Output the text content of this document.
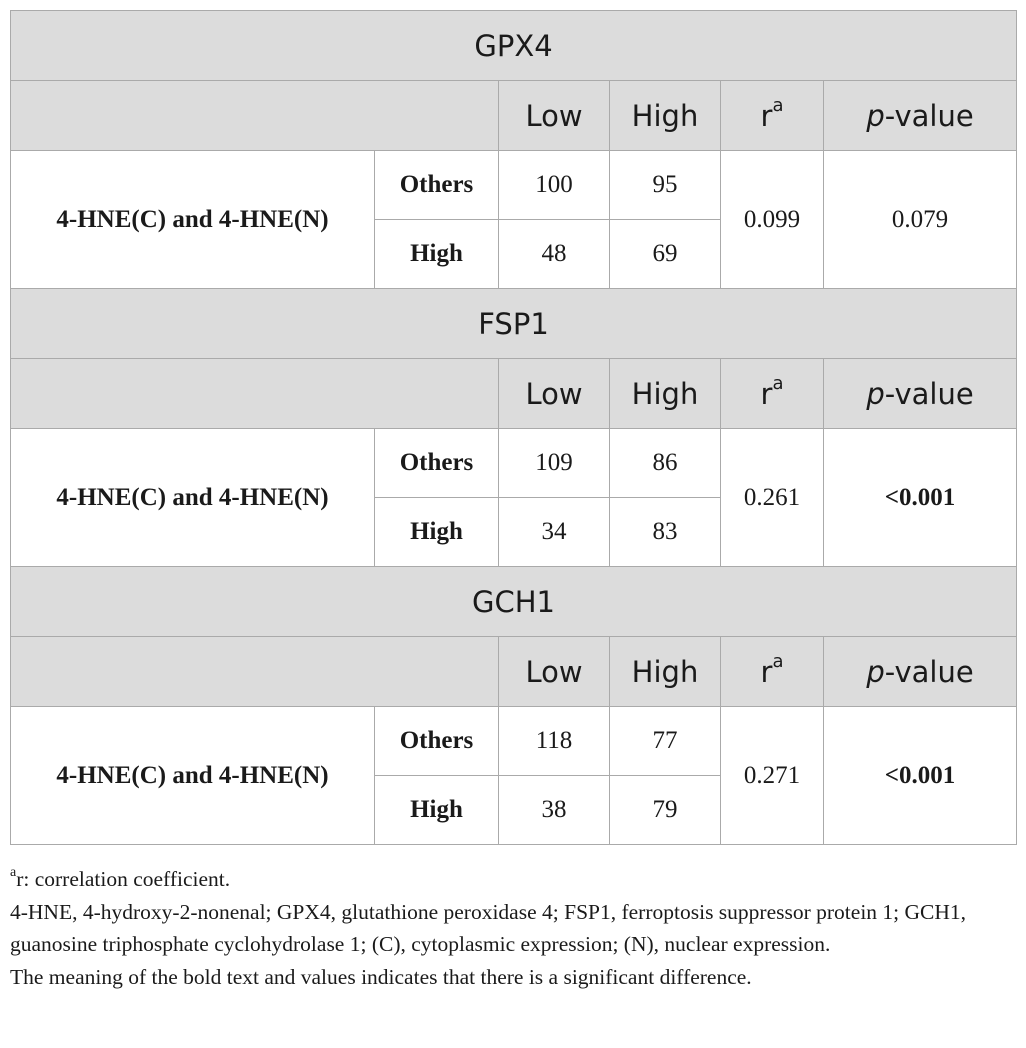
GPX4					
		Low	High	$r^a$	p-value
4-HNE(C) and 4-HNE(N)	Others	100	95	0.099	0.079
	High	48	69		
FSP1					
		Low	High	$r^a$	p-value
4-HNE(C) and 4-HNE(N)	Others	109	86	0.261	<0.001
	High	34	83		
GCH1					
		Low	High	$r^a$	p-value
4-HNE(C) and 4-HNE(N)	Others	118	77	0.271	<0.001
	High	38	79		

$^a$r: correlation coefficient.

4-HNE, 4-hydroxy-2-nonenal; GPX4, glutathione peroxidase 4; FSP1, ferroptosis suppressor protein 1; GCH1, guanosine triphosphate cyclohydrolase 1; (C), cytoplasmic expression; (N), nuclear expression.

The meaning of the bold text and values indicates that there is a significant difference.
